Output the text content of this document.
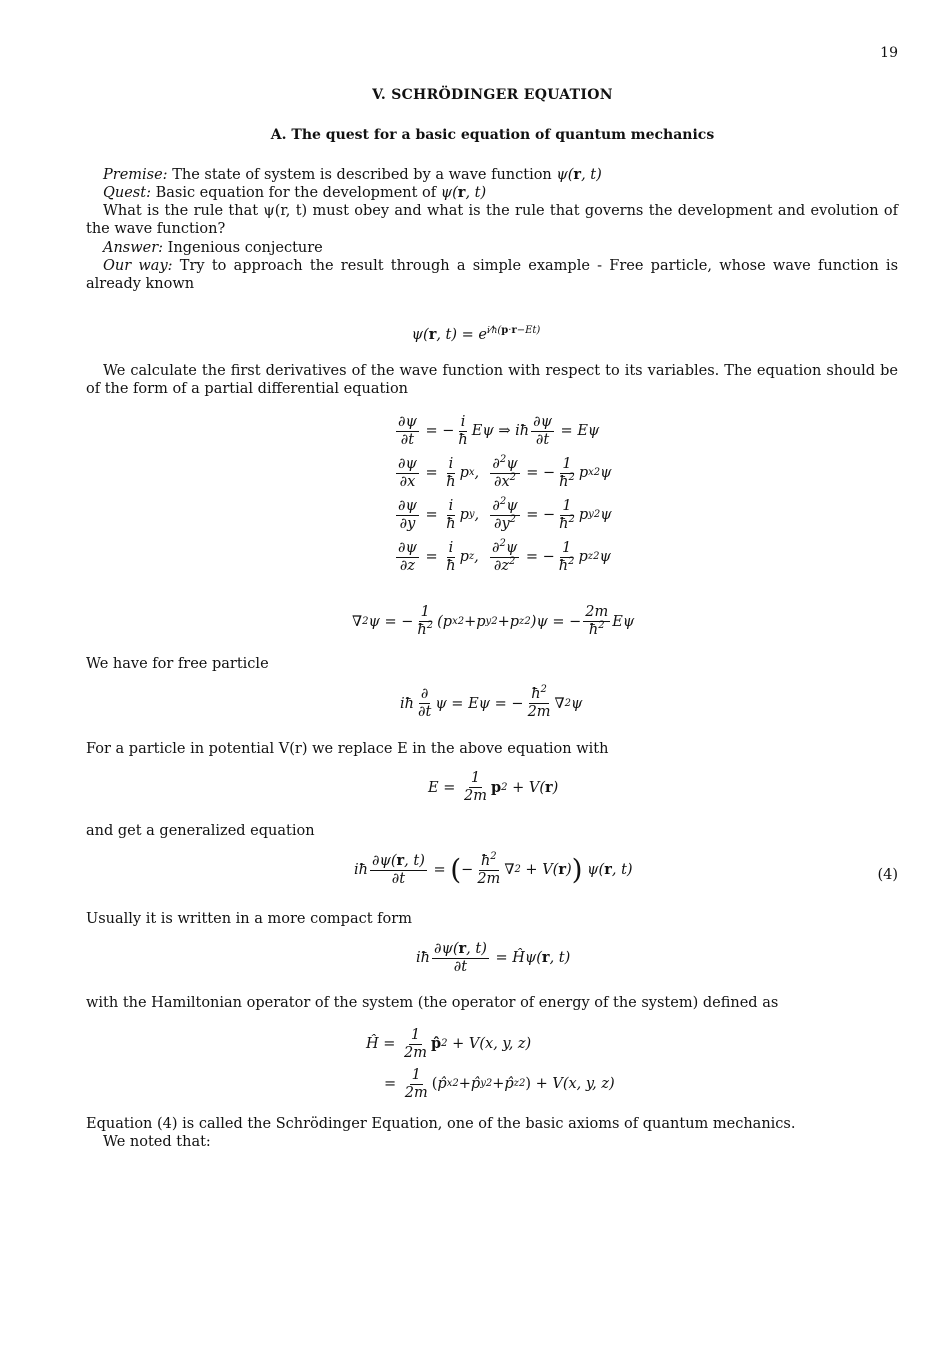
19
V. SCHRÖDINGER EQUATION
A. The quest for a basic equation of quantum mechanics
Premise: The state of system is described by a wave function ψ(r, t)
Quest: Basic equation for the development of ψ(r, t)
What is the rule that ψ(r, t) must obey and what is the rule that governs the development and evolution of the wave function?
Answer: Ingenious conjecture
Our way: Try to approach the result through a simple example - Free particle, whose wave function is already known
ψ(r, $t) = e^{i⁄ħ(p\cdot r-Et)}$
We calculate the first derivatives of the wave function with respect to its variables. The equation should be of the form of a partial differential equation
$\frac{\partial\psi}{\partial t}$ = − $\frac{i}{ħ}$ Eψ ⇒ iħ $\frac{\partial\psi}{\partial t} = E\psi$
$\frac{\partial\psi}{\partial x} = \frac{i}{ħ}$ p x , $\frac{\partial^2\psi}{\partial x^2}$ = − $\frac{1}{ħ^2}$ p x 2 ψ
$\frac{\partial\psi}{\partial y} = \frac{i}{ħ}$ p y , $\frac{\partial^2\psi}{\partial y^2}$ = − $\frac{1}{ħ^2}$ p y 2 ψ
$\frac{\partial\psi}{\partial z} = \frac{i}{ħ}$ p z , $\frac{\partial^2\psi}{\partial z^2}$ = − $\frac{1}{ħ^2}$ p z 2 ψ
∇ 2 ψ = − $\frac{1}{ħ^2} (p$ x 2 + p y 2 + p z 2 )ψ = − $\frac{2m}{ħ^2}$ Eψ
We have for free particle
iħ $\frac{\partial}{\partial t}$ ψ = Eψ = − $\frac{ħ^2}{2m}$ ∇ 2 ψ
For a particle in potential V(r) we replace E in the above equation with
$E = \frac{1}{2m}$ p 2 + V( r )
and get a generalized equation
iħ $\frac{\partial\psi(r, t)}{\partial t}$ = ( − $\frac{ħ^2}{2m}$ ∇ 2 + V( r ) ) ψ( r , t)	(4)
Usually it is written in a more compact form
iħ $\frac{\partial\psi(r, t)}{\partial t}$ = Ĥψ( r , t)
with the Hamiltonian operator of the system (the operator of energy of the system) defined as
Ĥ = $\frac{1}{2m}$ p̂ 2 + V(x, y, z)
= $\frac{1}{2m}$ ( p̂ x 2 + p̂ y 2 + p̂ z 2 ) + V(x, y, z)
Equation (4) is called the Schrödinger Equation, one of the basic axioms of quantum mechanics.
We noted that:
